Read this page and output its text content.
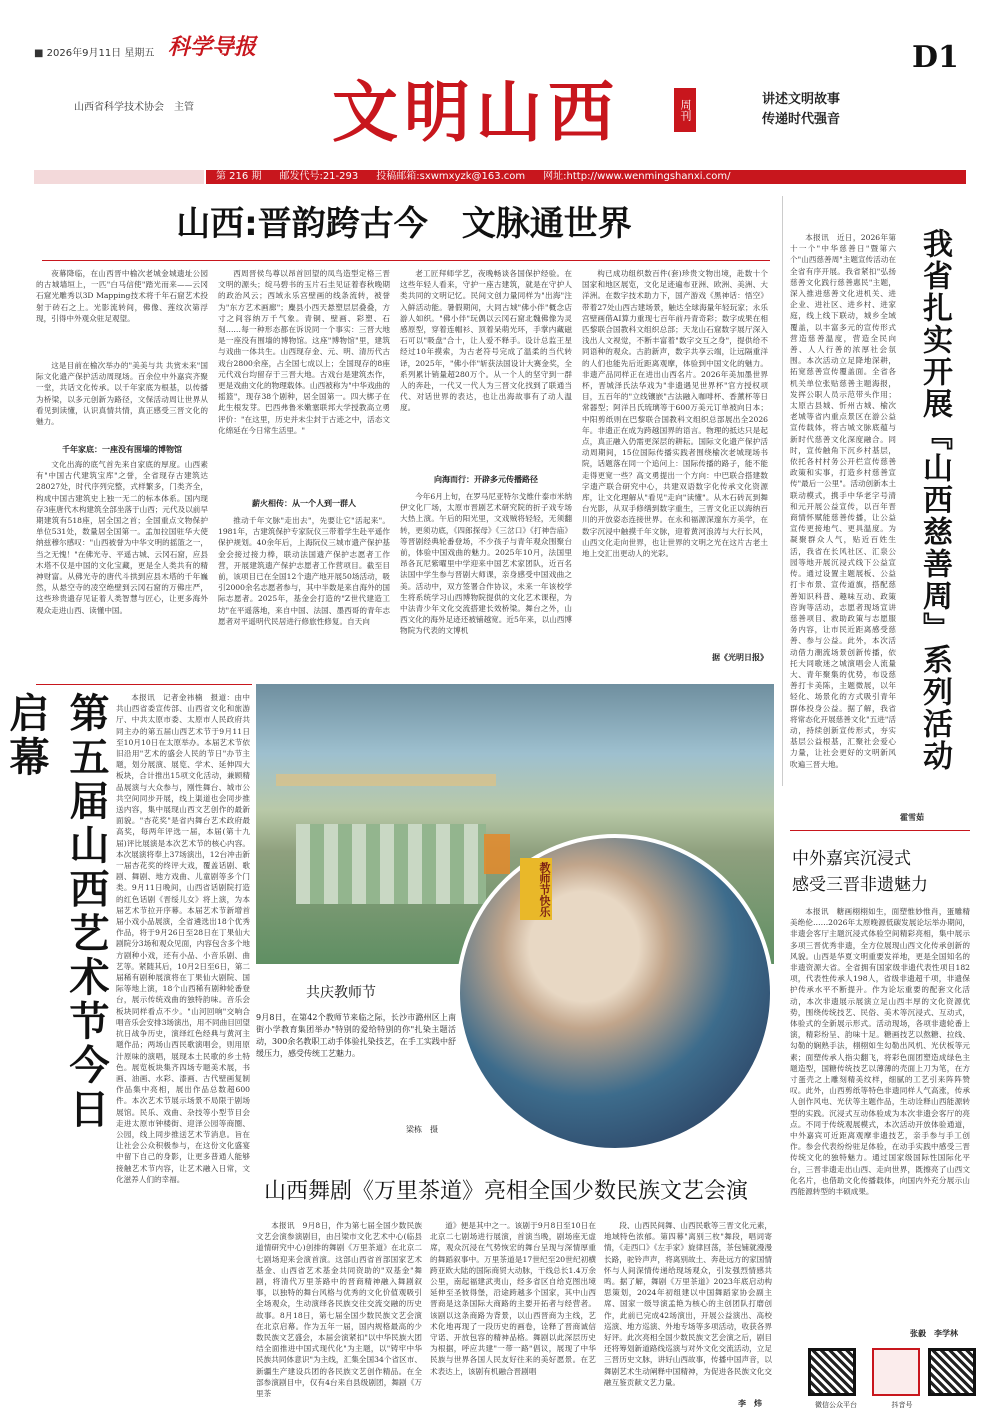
■ 2026年9月11日 星期五 科学导报
山西省科学技术协会　主管 文明山西	周刊	讲述文明故事
传递时代强音
D1
第 216 期 邮发代号:21-293 投稿邮箱:sxwmxyzk@163.com 网址:http://www.wenmingshanxi.com/
山西:晋韵跨古今　文脉通世界
夜幕降临，在山西晋中榆次老城金城遗址公园的古城墙垣上，一匹"白马信使"踏光而来——云冈石窟光雕秀以3D Mapping技术将千年石窟艺术投射于砖石之上。光影流转间，佛像、莲纹次第浮现，引得中外观众驻足观望。
这是目前在榆次举办的"美美与共 共赏未来"国际文化遗产保护活动周现场。百余位中外嘉宾齐聚一堂，共话文化传承。以千年家底为根基，以传播为桥梁，以多元创新为路径，文保活动周让世界从看见到读懂，认识真情共情，真正感受三晋文化的魅力。
千年家底：一座没有围墙的博物馆
文化出海的底气首先来自家底的厚度。山西素有"中国古代建筑宝库"之誉，全省现存古建筑达28027处，时代序列完整，式样繁多，门类齐全，构成中国古建筑史上独一无二的标本体系。国内现存3座唐代木构建筑全部坐落于山西；元代及以前早期建筑有518座，居全国之首；全国重点文物保护单位531处，数量居全国第一。孟加拉国驻华大使纳兹穆尔感叹："山西被誉为中华文明的摇篮之一，当之无愧！"在佛光寺、平遥古城、云冈石窟，应县木塔不仅是中国的文化宝藏，更是全人类共有的精神财富。从佛光寺的唐代斗拱到应县木塔的千年巍然，从悬空寺的凌空绝壁到云冈石窟的万佛庄严，这些珍贵遗存见证着人类智慧与匠心，让更多海外观众走进山西、读懂中国。
西周晋侯鸟尊以昂首回望的凤鸟造型定格三晋文明的源头；绽马碧书的玉片石圭见证着春秋晚期的政治风云；西域永乐宫壁画的线条流转，被誉为"东方艺术画廊"；麋县小西天悬塑层层叠叠，方寸之间容纳万千气象。青铜、壁画、彩塑、石刻……每一种形态都在诉说同一个事实：三晋大地是一座没有围墙的博物馆。这座"博物馆"里，建筑与戏曲一体共生。山西现存金、元、明、清历代古戏台2800余座，占全国七成以上；全国现存的8座元代戏台均留存于三晋大地。古戏台是建筑杰作，更是戏曲文化的物理载体。山西被称为"中华戏曲的摇篮"，现存38个剧种，居全国第一。四大梆子在此生根发芽。巴西弗鲁米嫩塞联邦大学授教高立勇评价："在这里，历史并未尘封于古迹之中，活态文化绵延在今日常生活里。"
薪火相传：从一个人到一群人
推动千年文脉"走出去"，先要让它"活起来"。1981年，古建筑保护专家阮仪三带着学生赴平遥作保护规划。40余年后，上海阮仪三城市遗产保护基金会接过接力棒，联动法国遗产保护志愿者工作营，开展建筑遗产保护志愿者工作营项目。截至目前，该项目已在全国12个遗产地开展50场活动，吸引2000余名志愿者参与，其中半数是来自海外的国际志愿者。2025年，基金会打造的"Z世代建造工坊"在平遥落地，来自中国、法国、墨西哥的青年志愿者对平遥明代民居进行修旅性修复。自天向
老工匠拜师学艺，夜晚畅谈各国保护经验。在这些年轻人看来，守护一座古建筑，就是在守护人类共同的文明记忆。民间文创力量同样为"出海"注入鲜活动能。暑假期间，大同古城"佛小伴"概念店游人如织。"佛小伴"玩偶以云冈石窟北魏佛像为灵感原型，穿着连帽衫、顶着呆萌光环，手掌内藏磁石可以"吸盘"合十，让人爱不释手。设计总监王星经过10年摸索，为古老符号完成了温柔的当代转译，2025年，"佛小伴"斩获法国设计大赛金奖，全系列累计销量超280万个。从一个人的坚守到一群人的奔赴，一代又一代人为三晋文化找到了联通当代、对话世界的表达，也让出海故事有了动人温度。
向海而行：开辟多元传播路径
今年6月上旬，在罗马尼亚特尔戈维什泰市米纳伊文化厂场，太原市晋剧艺术研究院的折子戏专场大热上演。午后的阳光里，文戏贼将轻轻，无须翻转，更须功底，《四郎探母》《三岔口》《打神告庙》等晋剧经典轮番登场，不少孩子与青年观众围聚台前，体验中国戏曲的魅力。2025年10月，法国里昂各瓦尼紫曜里中学迎来中国艺术家团队，近百名法国中学生参与晋剧大师课，亲身感受中国戏曲之美。活动中，双方签署合作协议，未来一年该校学生将系统学习山西博物院提供的文化艺术课程，为中法青少年文化交流搭建长效桥梁。舞台之外，山西文化的海外足迹还被铺越宽。近5年来，以山西博物院为代表的文博机
构已成功组织数百件(套)珍贵文物出境，赴数十个国家和地区展览，文化足迹遍布亚洲、欧洲、美洲、大洋洲。在数字技术助力下，国产游戏《黑神话：悟空》带着27处山西古建场景，触达全球海量年轻玩家；永乐宫壁画借AI算力重现七百年前丹青奇彩；数字成果在相匹黎联合国教科文组织总部；天龙山石窟数字展厅深入浅出人文视觉，不断丰富着"数字交互之身"，提供给不同语种的观众。古韵新声，数字共享云端，让远隔重洋的人们也能先后近距离观摩，体验到中国文化的魅力。非遗产品同样正在进出山西名片。2026年美加墨世界杯，晋城泽氏法华戏为"非遗遇见世界杯"官方授权项目，五百年的"立线镶嵌"古法融入咖啡杯、香薰杯等日常器型；阿洋吕氏琉璃等于600万美元订单被向日本；中阳剪纸则在巴黎联合国教科文组织总部展出全2026年。非遗正在成为跨越国界的语言。物理的抵达只是起点，真正融入仍需更深层的耕耘。国际文化遗产保护活动周期间，15位国际传播实践者围绕榆次老城现场书院，话题落在同一个追问上：国际传播的路子，能不能走得更宽一些？高文勇提出一个方向：中巴联合搭建数字遗产联合研究中心，共建双语数字化传承文化资源库，让文化理解从"看见"走向"读懂"。从木石砖瓦到舞台光影，从双手修缮到数字重生，三晋文化正以海纳百川的开放姿态连接世界。在永和福源深邃东方美学，在数字沉浸中触摸千年文脉，迎着黄河浪涛与大行长风，山西文化走向世界，也让世界的文明之光在这片古老土地上交汇出更动人的光彩。
据《光明日报》
本报讯　近日，2026年第十一个"中华慈善日"暨第六个"山西慈善周"主题宣传活动在全省有序开展。我省紧扣"弘扬慈善文化践行慈善惠民"主题，深入推进慈善文化进机关、进企业、进社区、进乡村、进家庭，线上线下联动，城乡全域覆盖，以丰富多元的宣传形式营造慈善温度，营造全民向善、人人行善的浓厚社会氛围。本次活动立足降地深耕，拓宽慈善宣传覆盖面。全省各机关单位张贴慈善主题海报，发挥公职人员示范带头作用；太原古县城、忻州古城、榆次老城等省内重点景区在游公益宣传载体，将古城文脉底蕴与新时代慈善文化深度融合。同时，宣传触角下沉乡村基层，依托各村村务公开栏宣传慈善政策和实事，打造乡村慈善宣传"最后一公里"。活动创新本土联动模式，携手中华老字号清和元开展公益宣传，以百年晋商情怀赋能慈善传播，让公益宣传更接地气、更具温度。为凝聚群众人气，贴近百姓生活，我省在长风社区、汇泉公园等地开展沉浸式线下公益宣传。通过设置主题展板、公益打卡布景、宣传道旗，搭配慈善知识科普、趣味互动、政策咨询等活动，志愿者现场宣讲慈善项目、救助政策与志愿服务内容，让市民近距离感受慈善、参与公益。此外，本次活动借力潮流场景创新传播，依托大同歌迷之城演唱会人流量大、青年聚集的优势，布设慈善打卡美陈，主题微展，以年轻化、场景化的方式吸引青年群体投身公益。据了解，我省将常态化开展慈善文化"五进"活动，持续创新宣传形式，夯实基层公益根基，汇聚社会爱心力量，让社会更好的文明新风吹遍三晋大地。	我省扎实开展『山西慈善周』系列活动
霍雪茹
中外嘉宾沉浸式
感受三晋非遗魅力
本报讯　糖画栩栩如生，面塑惟妙惟肖，蛋雕精美绝伦……2026年太原晚源低碳发展论坛举办期间，非遗会客厅主题沉浸式体验空间精彩亮相，集中展示多项三晋优秀非遗，全方位展现山西文化传承创新的风貌。山西是华夏文明重要发祥地，更是全国知名的非遗资源大省。全省拥有国家级非遗代表性项目182项，代表性传承人198人，省级非遗超千项，非遗保护传承水平不断提升。作为论坛重要的配套文化活动，本次非遗展示展演立足山西丰厚的文化资源优势，围绕传统技艺、民俗、美术等沉浸式、互动式，体验式的全新展示形式。活动现场，各项非遗轮番上演，精彩纷呈、韵味十足。糖画技艺以熬糖、拉线、勾勒的娴熟手法，栩栩如生勾勒出风机、光伏板等元素；面塑传承人指尖翻飞，将彩色面团塑造成绿色主题造型，国糖传统技艺以薄薄的壳面上刀为笔，在方寸蛋壳之上雕刻精美纹样，细腻的工艺引来阵阵赞叹。此外，山西剪纸等特色非遗同样人气高涨，传承人创作风电、光伏等主题作品，生动诠释山西能源转型的实践。沉浸式互动体验成为本次非遗会客厅的亮点。不同于传统观展模式，本次活动开放体验通道，中外嘉宾可近距离观摩非遗技艺，亲手参与手工创作。参会代表纷纷驻足体验，在动手实践中感受三晋传统文化的独特魅力。通过国家级国际性国际化平台，三晋非遗走出山西、走向世界，既擦亮了山西文化名片，也借助文化传播载体，向国内外充分展示山西能源转型的丰硕成果。
张毅　李学林
微信公众平台	抖音号
第五届山西艺术节今日启幕	本报讯　记者金祎楠　报道：由中共山西省委宣传部、山西省文化和旅游厅、中共太原市委、太原市人民政府共同主办的第五届山西艺术节于9月11日至10月10日在太原举办。本届艺术节依旧沿用"艺术的盛会人民的节日"办节主题，划分展演、展览、学术、延伸四大板块，合计推出15项文化活动，兼顾精品展演与大众参与，刚性舞台、城市公共空间同步开展，线上渠道也会同步推送内容，集中展现山西文艺创作的最新面貌。"杏花奖"是省内舞台艺术政府最高奖，每两年评选一届，本届(第十九届)评比展演是本次艺术节的核心内容。本次展演将奉上37场演出，12台冲击新一届杏花奖的终评大戏，覆盖话剧、歌剧、舞剧、地方戏曲、儿童剧等多个门类。9月11日晚间，山西省话剧院打造的红色话剧《晋绥儿女》将上演，为本届艺术节拉开序幕。本届艺术节新增首届小戏小品展演，全省遴选出18个优秀作品，将于9月26日至28日在丁果仙大剧院分3场和观众见面，内容包含多个地方剧种小戏，还有小品、小音乐剧、曲艺等。紧随其后，10月2日至6日，第二届稀有剧种展演将在丁果仙大剧院、国际等地上演，18个山西稀有剧种轮番登台，展示传统戏曲的独特韵味。音乐会板块同样看点不少。"山河回响"交响合唱音乐会安排3场演出，用不同曲目回望抗日战争历史，演绎红色经典与黄河主题作品；两场山西民歌演唱会，则用原汁原味的演唱，展现本土民歌的乡土特色。展览板块集齐四场专题美术展，书画、油画、水彩、漆画、古代壁画复制作品集中亮相，展出作品总数超600件。本次艺术节展示场景不局限于剧场展馆。民乐、戏曲、杂技等小型节目会走进太原市钟楼街、迎泽公园等商圈、公园，线上同步推送艺术节消息。旨在让社会公众积极参与，在这份文化盛宴中留下自己的身影，让更多普通人能够接触艺术节内容，让艺术融入日常，文化滋养人们的幸福。
教师节快乐
共庆教师节
9月8日，在第42个教师节来临之际，长沙市潞州区上南街小学教育集团举办"特别的爱给特别的你"扎染主题活动，300余名教职工动手体验扎染技艺，在手工实践中舒缓压力，感受传统工艺魅力。
梁栋　摄
山西舞剧《万里茶道》亮相全国少数民族文艺会演
本报讯　9月8日，作为第七届全国少数民族文艺会演参演剧目，由吕梁市文化艺术中心(临县道情研究中心)创排的舞剧《万里茶道》在北京二七剧场迎来会演首演。这部山西省首部国家艺术基金、山西省艺术基金共同资助的"双基金"舞剧，将清代万里茶路中的晋商精神融入舞剧叙事，以独特的舞台风格与优秀的文化价值观吸引全场观众，生动演绎各民族交往交流交融的历史故事。8月18日，第七届全国少数民族文艺会演在北京启幕。作为五年一届，国内规格最高的少数民族文艺盛会，本届会演紧扣"以中华民族大团结全面推进中国式现代化"为主题，以"铸牢中华民族共同体意识"为主线，汇集全国34个省区市、新疆生产建设兵团的各民族文艺创作精品。在全部参演剧目中，仅有4台来自县级剧团，舞剧《万里茶
道》便是其中之一。该剧于9月8日至10日在北京二七剧场进行展演，首演当晚，剧场座无虚席，观众沉浸在气势恢宏的舞台呈现与深情厚重的舞蹈叙事中。万里茶道是17世纪至20世纪初横跨亚欧大陆的国际商贸大动脉，干线总长1.4万余公里，南起福建武夷山，经多省区自给克图出境延伸至圣彼得堡，沿途跨越多个国家，其中山西晋商是这条国际大商路的主要开拓者与经营者。该剧以这条商路为背景，以山西晋商为主线，艺术化地再现了一段历史的画卷，诠释了晋商诚信守诺、开放包容的精神品格。舞剧以此深层历史为根据，呼应共建"一带一路"倡议，展现了中华民族与世界各国人民友好往来的美好愿景。在艺术表达上，该剧有机融合晋剧唱
段、山西民间舞、山西民歌等三晋文化元素，地域特色浓郁。第四幕"离别三枚"舞段，唱词寄情，《走西口》《左手家》旋律回荡，茶包铺就漫漫长路，驼铃声声，将离别故土、奔赴远方的家国情怀与人间深情传递给现场观众，引发强烈情感共鸣。据了解，舞剧《万里茶道》2023年底启动构思策划，2024年初组建以中国舞蹈家协会副主席、国家一级导演孟艳为核心的主创团队打磨创作，此前已完成42场演出，开展公益演出、高校巡演、地方巡演、外地专场等多项活动，收获各界好评。此次亮相全国少数民族文艺会演之后，剧目还将筹划新道路线巡演与对外文化交流活动，立足三晋历史文脉，讲好山西故事，传播中国声音，以舞剧艺术生动阐释中国精神，为促进各民族文化交融互鉴贡献文艺力量。
李　炜
